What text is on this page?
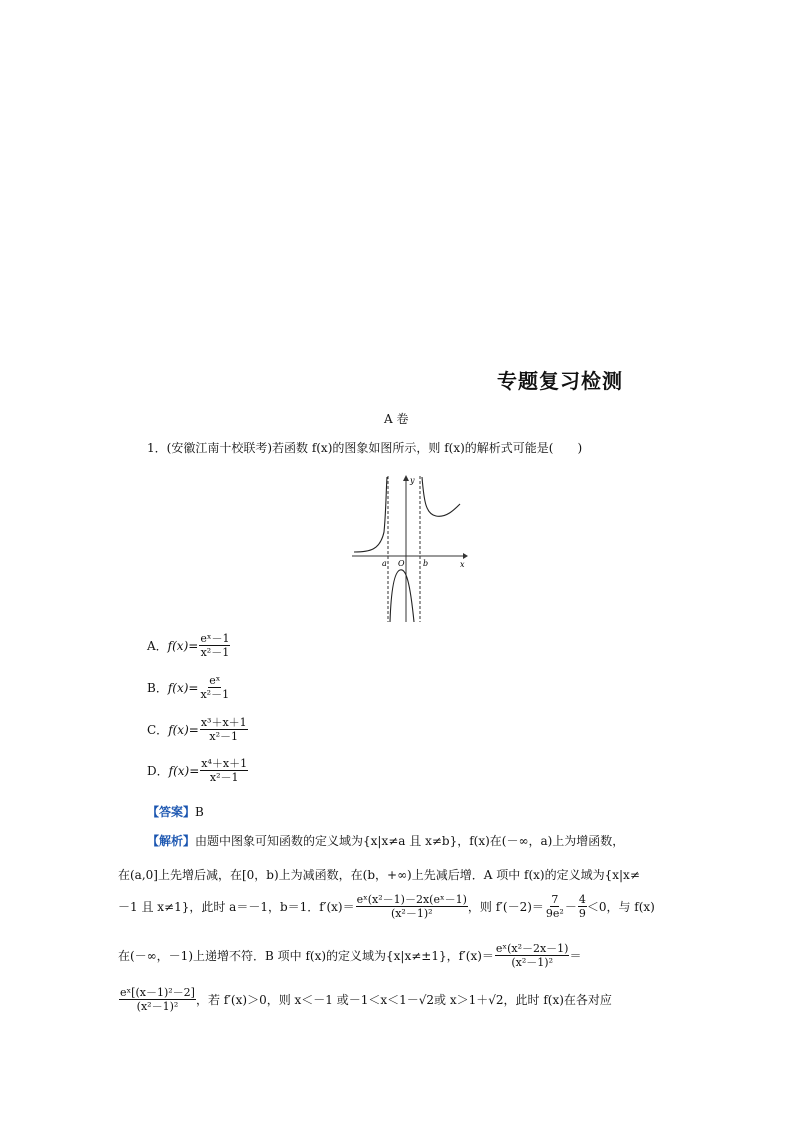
专题复习检测
A 卷
1．(安徽江南十校联考)若函数 f(x)的图象如图所示，则 f(x)的解析式可能是(　　)
y
x
a O b
A． $f(x)= \frac{\text{eˣ－1}}{\text{x²－1}}$
B． $f(x)= \frac{\text{eˣ}}{\text{x²－1}}$
C． $f(x)= \frac{\text{x³＋x＋1}}{\text{x²－1}}$
D． $f(x)= \frac{\text{x⁴＋x＋1}}{\text{x²－1}}$
【答案】B
【解析】由题中图象可知函数的定义域为{x|x≠a 且 x≠b}，f(x)在(－∞，a)上为增函数，
在(a,0]上先增后减，在[0，b)上为减函数，在(b，+∞)上先减后增．A 项中 f(x)的定义域为{x|x≠
－1 且 x≠1}，此时 a＝－1，b＝1．$f'(x)= \frac{\text{eˣ(x²－1)－2x(eˣ－1)}}{\text{(x²－1)²}}$ ，则 $f'(-2)= \frac{7}{\text{9e²}} - \frac{4}{9} <0$，与 f(x)
在(－∞，－1)上递增不符．B 项中 f(x)的定义域为{x|x≠±1}，$f'(x)= \frac{\text{eˣ(x²－2x－1)}}{\text{(x²－1)²}}$ ＝
$\frac{\text{eˣ[(x－1)²－2]}}{\text{(x²－1)²}}$ ，若 f′(x)＞0，则 x＜－1 或－1＜x＜1－√2或 x＞1＋√2，此时 f(x)在各对应
